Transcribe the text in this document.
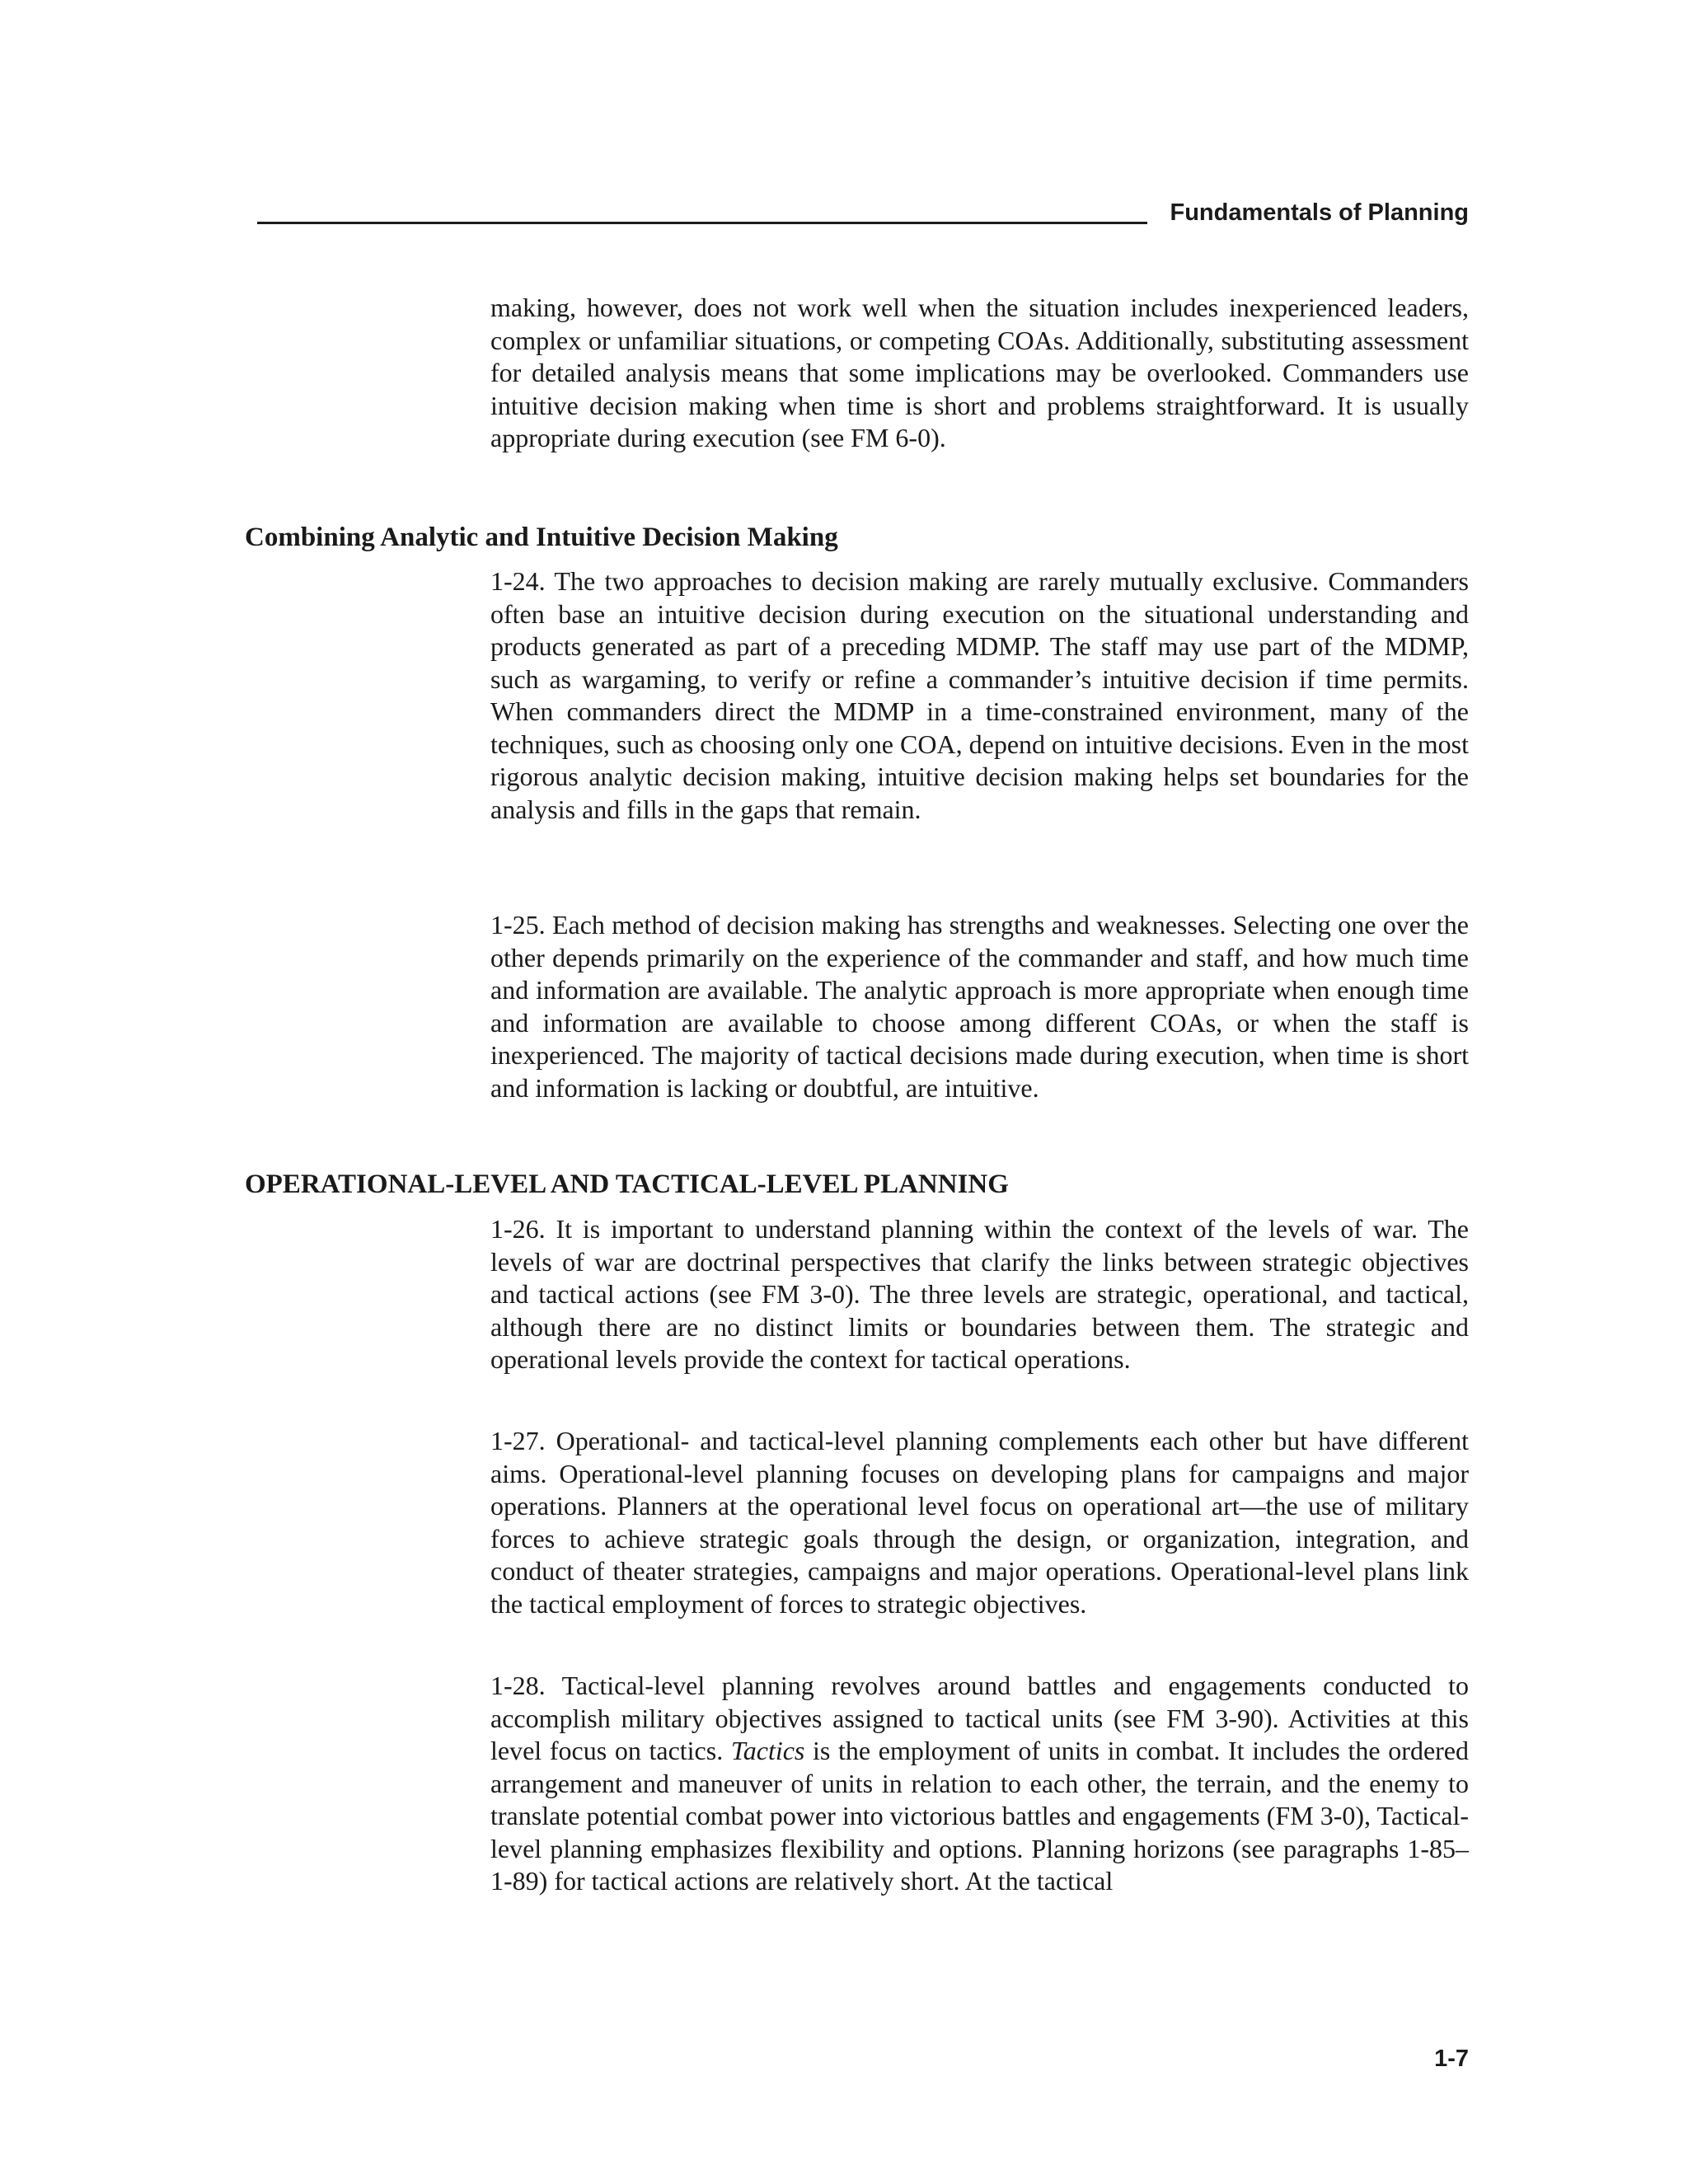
Fundamentals of Planning

making, however, does not work well when the situation includes inexperienced leaders, complex or unfamiliar situations, or competing COAs. Additionally, substituting assessment for detailed analysis means that some implications may be overlooked. Commanders use intuitive decision making when time is short and problems straightforward. It is usually appropriate during execution (see FM 6-0).

Combining Analytic and Intuitive Decision Making

1-24. The two approaches to decision making are rarely mutually exclusive. Commanders often base an intuitive decision during execution on the situational understanding and products generated as part of a preceding MDMP. The staff may use part of the MDMP, such as wargaming, to verify or refine a commander’s intuitive decision if time permits. When commanders direct the MDMP in a time-constrained environment, many of the techniques, such as choosing only one COA, depend on intuitive decisions. Even in the most rigorous analytic decision making, intuitive decision making helps set boundaries for the analysis and fills in the gaps that remain.

1-25. Each method of decision making has strengths and weaknesses. Selecting one over the other depends primarily on the experience of the commander and staff, and how much time and information are available. The analytic approach is more appropriate when enough time and information are available to choose among different COAs, or when the staff is inexperienced. The majority of tactical decisions made during execution, when time is short and information is lacking or doubtful, are intuitive.

OPERATIONAL-LEVEL AND TACTICAL-LEVEL PLANNING

1-26. It is important to understand planning within the context of the levels of war. The levels of war are doctrinal perspectives that clarify the links between strategic objectives and tactical actions (see FM 3-0). The three levels are strategic, operational, and tactical, although there are no distinct limits or boundaries between them. The strategic and operational levels provide the context for tactical operations.

1-27. Operational- and tactical-level planning complements each other but have different aims. Operational-level planning focuses on developing plans for campaigns and major operations. Planners at the operational level focus on operational art—the use of military forces to achieve strategic goals through the design, or organization, integration, and conduct of theater strategies, campaigns and major operations. Operational-level plans link the tactical employment of forces to strategic objectives.

1-28. Tactical-level planning revolves around battles and engagements conducted to accomplish military objectives assigned to tactical units (see FM 3-90). Activities at this level focus on tactics. Tactics is the employment of units in combat. It includes the ordered arrangement and maneuver of units in relation to each other, the terrain, and the enemy to translate potential combat power into victorious battles and engagements (FM 3-0), Tactical-level planning emphasizes flexibility and options. Planning horizons (see paragraphs 1-85–1-89) for tactical actions are relatively short. At the tactical

1-7
